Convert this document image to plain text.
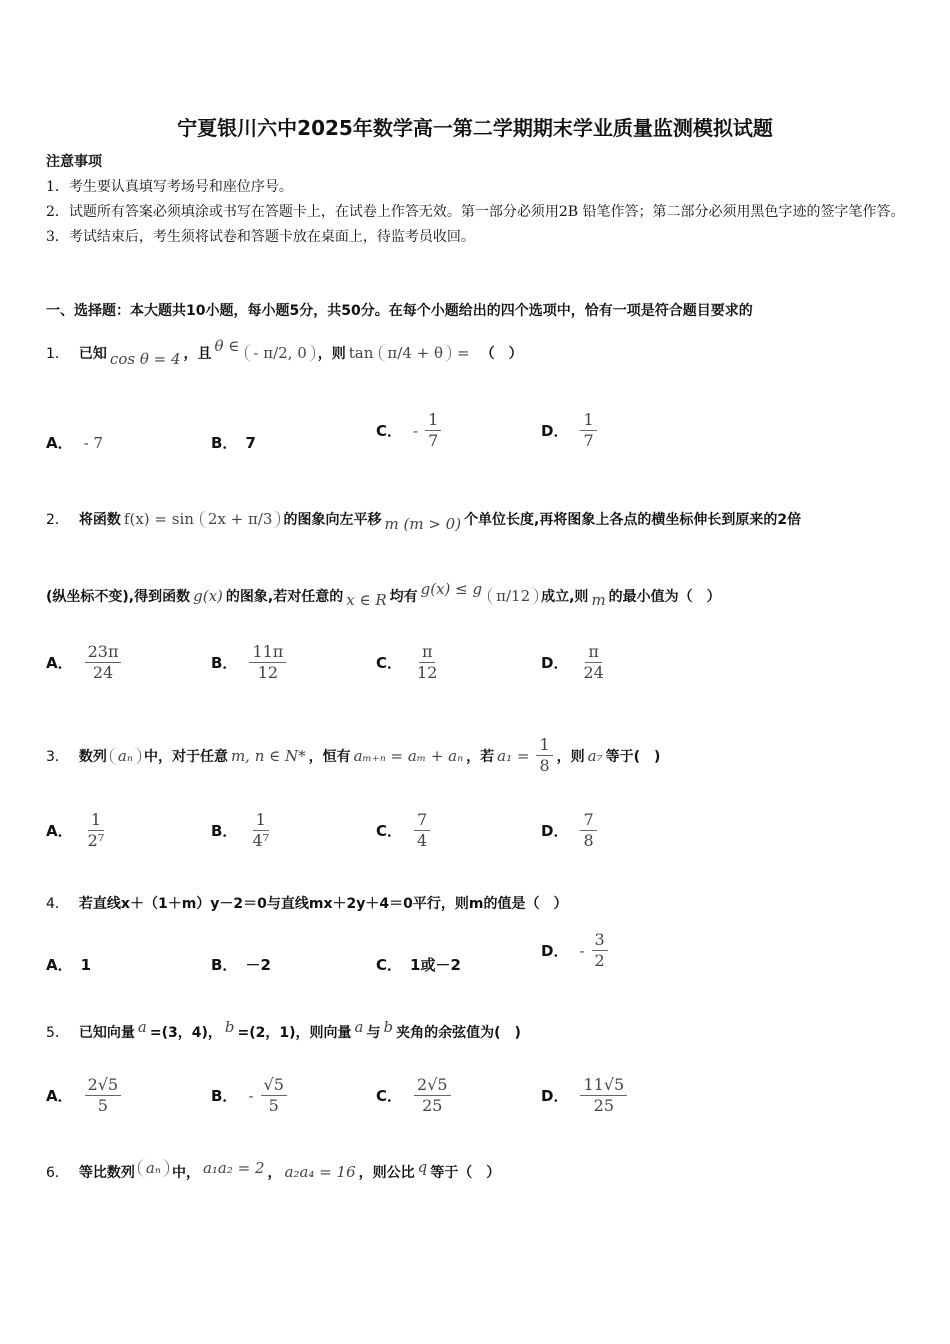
宁夏银川六中2025年数学高一第二学期期末学业质量监测模拟试题
注意事项
1．考生要认真填写考场号和座位序号。
2．试题所有答案必须填涂或书写在答题卡上，在试卷上作答无效。第一部分必须用2B 铅笔作答；第二部分必须用黑色字迹的签字笔作答。
3．考试结束后，考生须将试卷和答题卡放在桌面上，待监考员收回。
一、选择题：本大题共10小题，每小题5分，共50分。在每个小题给出的四个选项中，恰有一项是符合题目要求的
1． 已知 cos θ = 4 ，且 θ ∈ - π/2, 0 ，则 tan π/4 + θ = （　）
A． - 7	B． 7
C． - $\frac{1}{7}$	D． $\frac{1}{7}$
2． 将函数 f(x) = sin 2x + π/3 的图象向左平移 m (m > 0) 个单位长度,再将图象上各点的横坐标伸长到原来的2倍
(纵坐标不变),得到函数 g(x) 的图象,若对任意的 x ∈ R 均有 g(x) ≤ g π/12 成立,则 m 的最小值为（　）
A． $\frac{23\pi}{24}$	B． $\frac{11\pi}{12}$	C． $\frac{\pi}{12}$	D． $\frac{\pi}{24}$
3． 数列 aₙ 中，对于任意 m, n ∈ N* ，恒有 aₘ₊ₙ = aₘ + aₙ ，若 $a_1 = \frac{1}{8}$ ，则 a₇ 等于(　)
A． $\frac{1}{\text{2⁷}}$	B． $\frac{1}{\text{4⁷}}$	C． $\frac{7}{4}$	D． $\frac{7}{8}$
4． 若直线x＋（1＋m）y－2＝0与直线mx＋2y＋4＝0平行，则m的值是（　）
A． 1	B． －2	C． 1或－2
D． - $\frac{3}{2}$
5． 已知向量 a =(3，4)， b =(2，1)，则向量 a 与 b 夹角的余弦值为(　)
A． $\frac{2√5}{5}$	B． - $\frac{√5}{5}$	C． $\frac{2√5}{25}$	D． $\frac{11√5}{25}$
6． 等比数列 aₙ 中， a₁a₂ = 2 ， a₂a₄ = 16 ，则公比 q 等于（　）
